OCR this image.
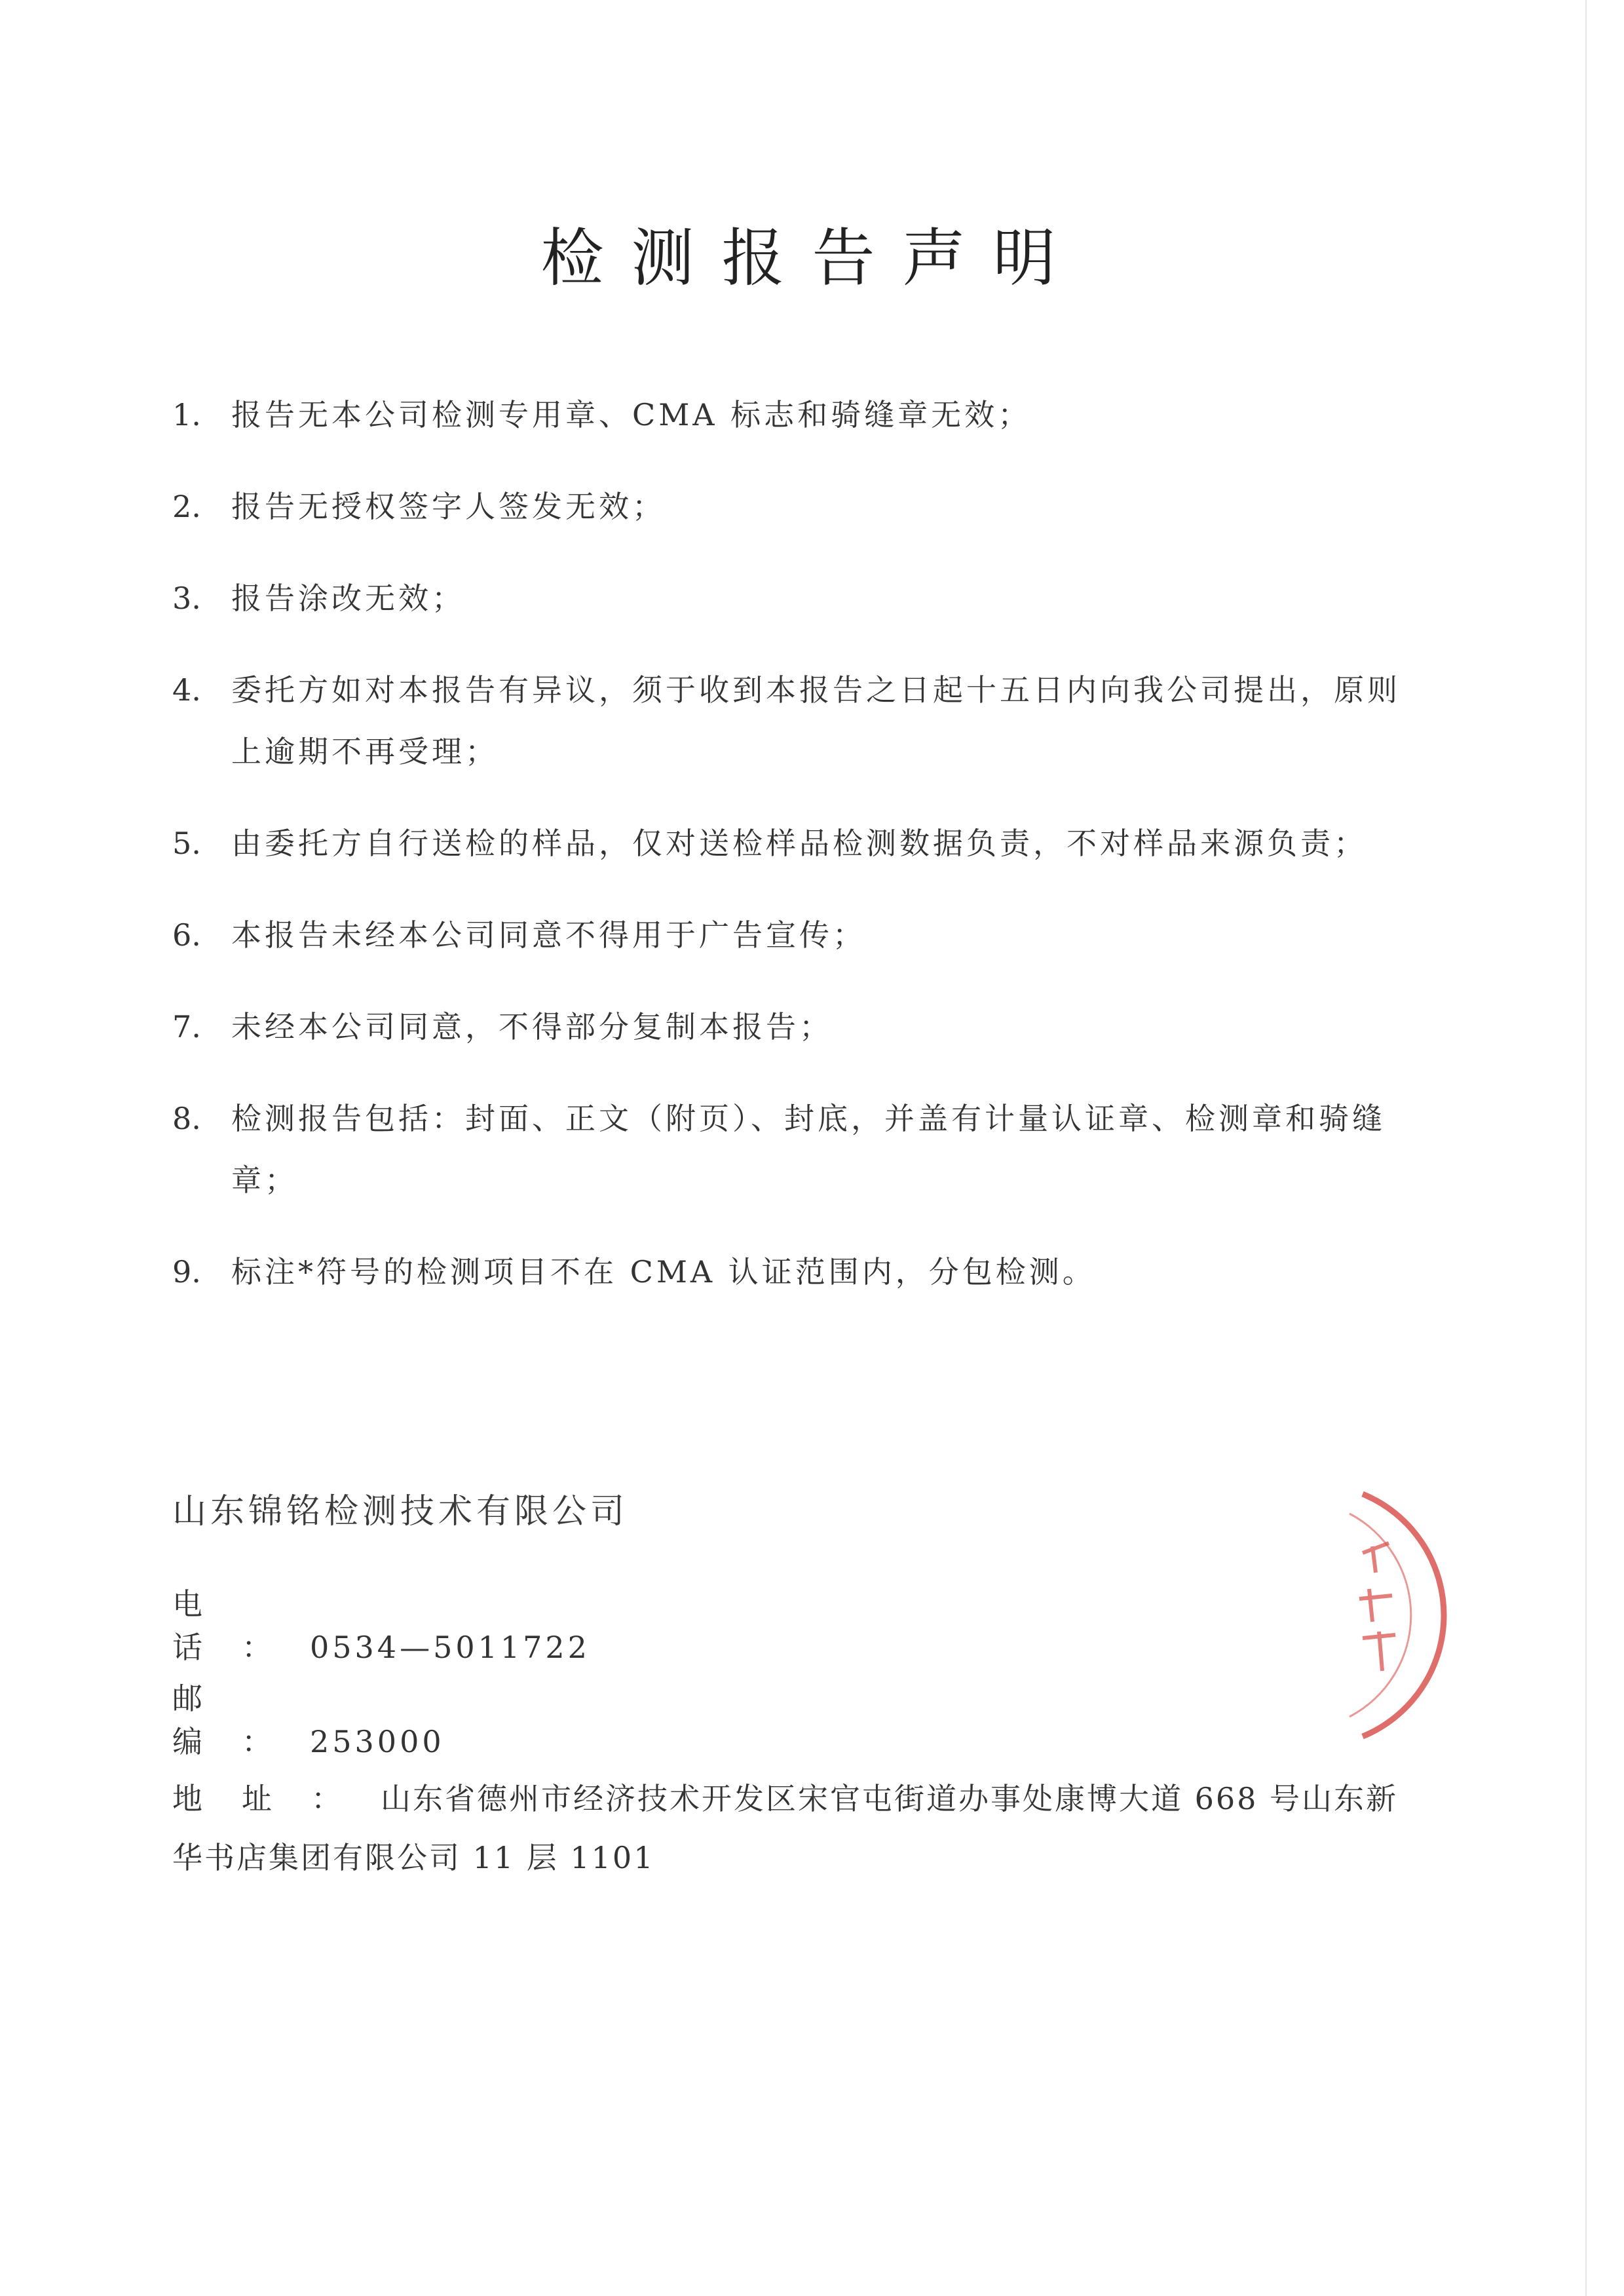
检测报告声明
1.	报告无本公司检测专用章、CMA 标志和骑缝章无效；
2.	报告无授权签字人签发无效；
3.	报告涂改无效；
4.	委托方如对本报告有异议，须于收到本报告之日起十五日内向我公司提出，原则上逾期不再受理；
5.	由委托方自行送检的样品，仅对送检样品检测数据负责，不对样品来源负责；
6.	本报告未经本公司同意不得用于广告宣传；
7.	未经本公司同意，不得部分复制本报告；
8.	检测报告包括：封面、正文（附页）、封底，并盖有计量认证章、检测章和骑缝章；
9.	标注*符号的检测项目不在 CMA 认证范围内，分包检测。
山东锦铭检测技术有限公司
电话：0534—5011722
邮编：253000
地址：山东省德州市经济技术开发区宋官屯街道办事处康博大道 668 号山东新华书店集团有限公司 11 层 1101
